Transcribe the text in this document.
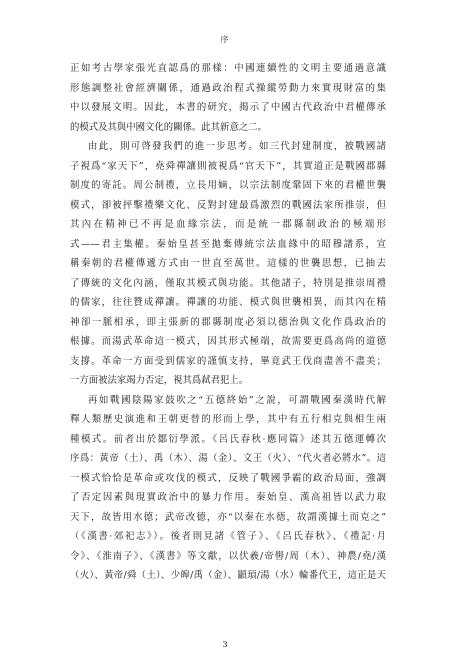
序
正如考古學家張光直認爲的那樣：中國連續性的文明主要通過意識
形態調整社會經濟關係，通過政治程式操縱勞動力來實現財富的集
中以發展文明。因此，本書的研究，揭示了中國古代政治中君權傳承
的模式及其與中國文化的關係。此其新意之二。
由此，則可啓發我們的進一步思考。如三代封建制度，被戰國諸
子視爲“家天下”，堯舜禪讓則被視爲“官天下”，其實道正是戰國郡縣
制度的寄託。周公制禮，立長用嫡，以宗法制度鞏固下來的君權世襲
模式，卻被抨擊禮樂文化、反對封建最爲激烈的戰國法家所推崇，但
其內在精神已不再是血緣宗法，而是統一郡縣制政治的極端形
式——君主集權。秦始皇甚至拋棄傳統宗法血緣中的昭穆譜系，宣
稱秦朝的君權傳遞方式由一世直至萬世。這樣的世襲思想，已抽去
了傳統的文化內涵，僅取其模式與功能。其他諸子，特別是推崇周禮
的儒家，往往贊成禪讓。禪讓的功能、模式與世襲相異，而其內在精
神卻一脈相承，即主張新的郡縣制度必須以德治與文化作爲政治的
根據。而湯武革命這一模式，因其形式極端，故需要更爲高尚的道德
支撐。革命一方面受到儒家的謹慎支持，畢竟武王伐商盡善不盡美；
一方面被法家竭力否定，視其爲弒君犯上。
再如戰國陰陽家鼓吹之“五德終始”之說，可謂戰國秦漢時代解
釋人類歷史演進和王朝更替的形而上學，其中有五行相克與相生兩
種模式。前者出於鄒衍學派。《呂氏春秋·應同篇》述其五德運轉次
序爲：黃帝（土）、禹（木）、湯（金）、文王（火）、“代火者必將水”。這
一模式恰恰是革命或攻伐的模式，反映了戰國爭霸的政治局面，強調
了否定因素與現實政治中的暴力作用。秦始皇、漢高祖皆以武力取
天下，故皆用水德；武帝改德，亦“以秦在水德，故謂漢據土而克之”
（《漢書·郊祀志》）。後者則見諸《管子》、《呂氏春秋》、《禮記·月
令》、《淮南子》、《漢書》等文獻，以伏羲/帝嚳/周（木）、神農/堯/漢
（火）、黃帝/舜（土）、少皞/禹（金）、顓頊/湯（水）輪番代王，這正是天
3
